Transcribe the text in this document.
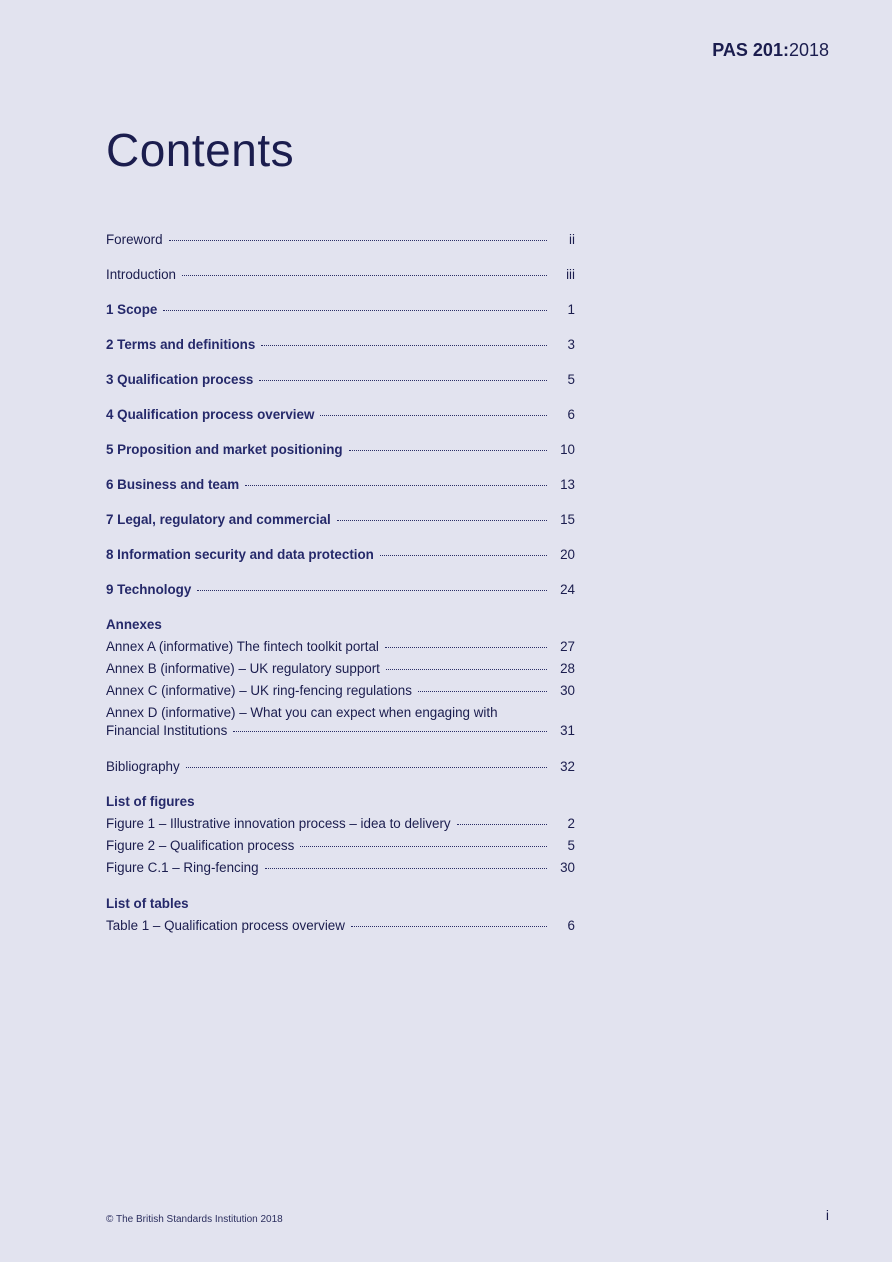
PAS 201:2018
Contents
Foreword	ii
Introduction	iii
1 Scope	1
2 Terms and definitions	3
3 Qualification process	5
4 Qualification process overview	6
5 Proposition and market positioning	10
6 Business and team	13
7 Legal, regulatory and commercial	15
8 Information security and data protection	20
9 Technology	24
Annexes
Annex A (informative) The fintech toolkit portal	27
Annex B (informative) – UK regulatory support	28
Annex C (informative) – UK ring-fencing regulations	30
Annex D (informative) – What you can expect when engaging with
Financial Institutions	31
Bibliography	32
List of figures
Figure 1 – Illustrative innovation process – idea to delivery	2
Figure 2 – Qualification process	5
Figure C.1 – Ring-fencing	30
List of tables
Table 1 – Qualification process overview	6
© The British Standards Institution 2018	i
